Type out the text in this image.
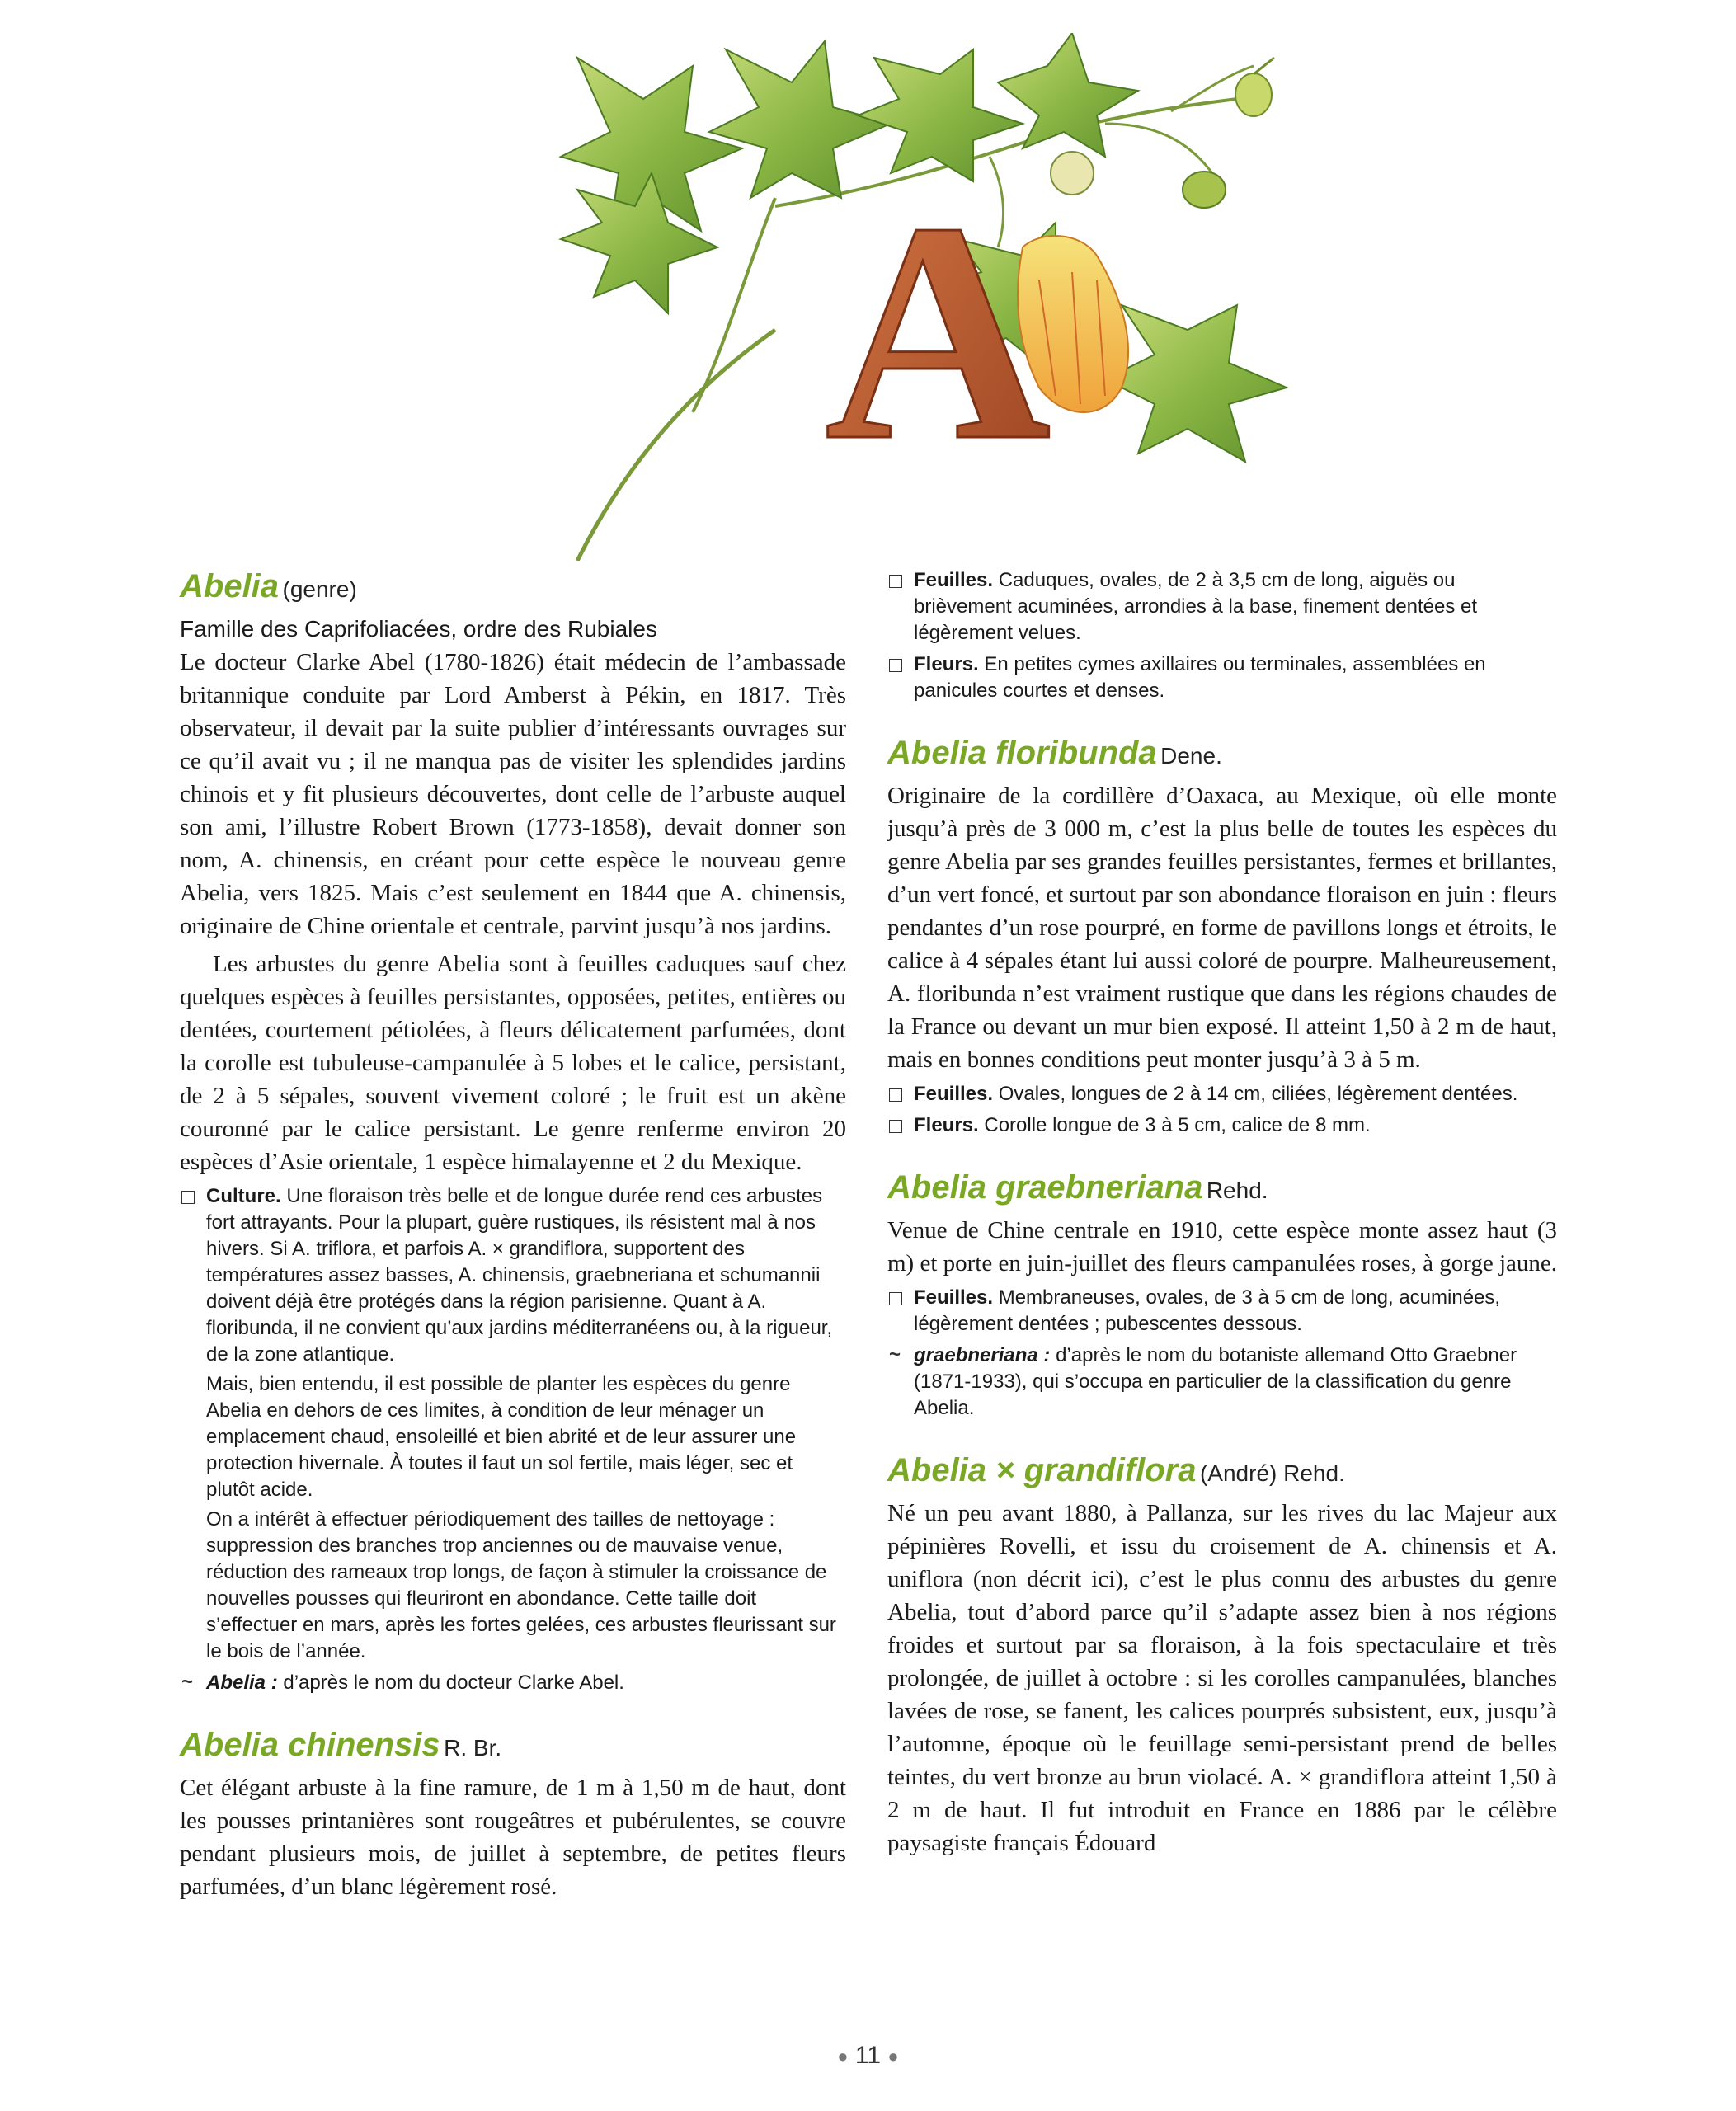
A

Abelia (genre)

Famille des Caprifoliacées, ordre des Rubiales

Le docteur Clarke Abel (1780-1826) était médecin de l’ambassade britannique conduite par Lord Amberst à Pékin, en 1817. Très observateur, il devait par la suite publier d’intéressants ouvrages sur ce qu’il avait vu ; il ne manqua pas de visiter les splendides jardins chinois et y fit plusieurs découvertes, dont celle de l’arbuste auquel son ami, l’illustre Robert Brown (1773-1858), devait donner son nom, A. chinensis, en créant pour cette espèce le nouveau genre Abelia, vers 1825. Mais c’est seulement en 1844 que A. chinensis, originaire de Chine orientale et centrale, parvint jusqu’à nos jardins.

Les arbustes du genre Abelia sont à feuilles caduques sauf chez quelques espèces à feuilles persistantes, opposées, petites, entières ou dentées, courtement pétiolées, à fleurs délicatement parfumées, dont la corolle est tubuleuse-campanulée à 5 lobes et le calice, persistant, de 2 à 5 sépales, souvent vivement coloré ; le fruit est un akène couronné par le calice persistant. Le genre renferme environ 20 espèces d’Asie orientale, 1 espèce himalayenne et 2 du Mexique.

Culture. Une floraison très belle et de longue durée rend ces arbustes fort attrayants. Pour la plupart, guère rustiques, ils résistent mal à nos hivers. Si A. triflora, et parfois A. × grandiflora, supportent des températures assez basses, A. chinensis, graebneriana et schumannii doivent déjà être protégés dans la région parisienne. Quant à A. floribunda, il ne convient qu’aux jardins méditerranéens ou, à la rigueur, de la zone atlantique.

Mais, bien entendu, il est possible de planter les espèces du genre Abelia en dehors de ces limites, à condition de leur ménager un emplacement chaud, ensoleillé et bien abrité et de leur assurer une protection hivernale. À toutes il faut un sol fertile, mais léger, sec et plutôt acide.

On a intérêt à effectuer périodiquement des tailles de nettoyage : suppression des branches trop anciennes ou de mauvaise venue, réduction des rameaux trop longs, de façon à stimuler la croissance de nouvelles pousses qui fleuriront en abondance. Cette taille doit s’effectuer en mars, après les fortes gelées, ces arbustes fleurissant sur le bois de l’année.

~ Abelia : d’après le nom du docteur Clarke Abel.

Abelia chinensis R. Br.

Cet élégant arbuste à la fine ramure, de 1 m à 1,50 m de haut, dont les pousses printanières sont rougeâtres et pubérulentes, se couvre pendant plusieurs mois, de juillet à septembre, de petites fleurs parfumées, d’un blanc légèrement rosé.

Feuilles. Caduques, ovales, de 2 à 3,5 cm de long, aiguës ou brièvement acuminées, arrondies à la base, finement dentées et légèrement velues.
Fleurs. En petites cymes axillaires ou terminales, assemblées en panicules courtes et denses.

Abelia floribunda Dene.

Originaire de la cordillère d’Oaxaca, au Mexique, où elle monte jusqu’à près de 3 000 m, c’est la plus belle de toutes les espèces du genre Abelia par ses grandes feuilles persistantes, fermes et brillantes, d’un vert foncé, et surtout par son abondance floraison en juin : fleurs pendantes d’un rose pourpré, en forme de pavillons longs et étroits, le calice à 4 sépales étant lui aussi coloré de pourpre. Malheureusement, A. floribunda n’est vraiment rustique que dans les régions chaudes de la France ou devant un mur bien exposé. Il atteint 1,50 à 2 m de haut, mais en bonnes conditions peut monter jusqu’à 3 à 5 m.

Feuilles. Ovales, longues de 2 à 14 cm, ciliées, légèrement dentées.
Fleurs. Corolle longue de 3 à 5 cm, calice de 8 mm.

Abelia graebneriana Rehd.

Venue de Chine centrale en 1910, cette espèce monte assez haut (3 m) et porte en juin-juillet des fleurs campanulées roses, à gorge jaune.

Feuilles. Membraneuses, ovales, de 3 à 5 cm de long, acuminées, légèrement dentées ; pubescentes dessous.
~ graebneriana : d’après le nom du botaniste allemand Otto Graebner (1871-1933), qui s’occupa en particulier de la classification du genre Abelia.

Abelia × grandiflora (André) Rehd.

Né un peu avant 1880, à Pallanza, sur les rives du lac Majeur aux pépinières Rovelli, et issu du croisement de A. chinensis et A. uniflora (non décrit ici), c’est le plus connu des arbustes du genre Abelia, tout d’abord parce qu’il s’adapte assez bien à nos régions froides et surtout par sa floraison, à la fois spectaculaire et très prolongée, de juillet à octobre : si les corolles campanulées, blanches lavées de rose, se fanent, les calices pourprés subsistent, eux, jusqu’à l’automne, époque où le feuillage semi-persistant prend de belles teintes, du vert bronze au brun violacé. A. × grandiflora atteint 1,50 à 2 m de haut. Il fut introduit en France en 1886 par le célèbre paysagiste français Édouard

● 11 ●
